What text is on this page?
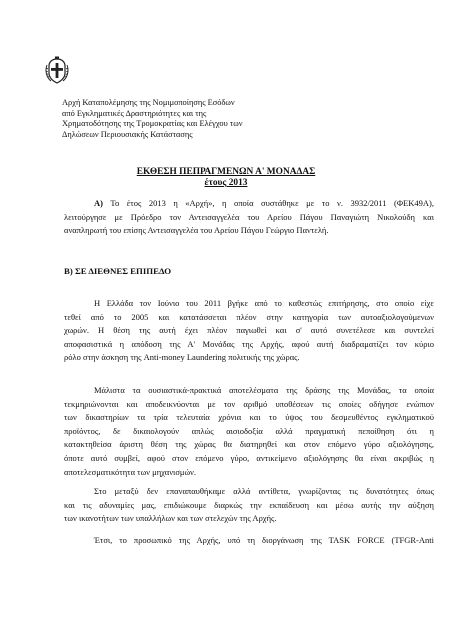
Αρχή Καταπολέμησης της Νομιμοποίησης Εσόδων
από Εγκληματικές Δραστηριότητες και της
Χρηματοδότησης της Τρομοκρατίας και Ελέγχου των
Δηλώσεων Περιουσιακής Κατάστασης
ΕΚΘΕΣΗ ΠΕΠΡΑΓΜΕΝΩΝ Α' ΜΟΝΑΔΑΣ
έτους 2013
Α) Το έτος 2013 η «Αρχή», η οποία συστάθηκε με το ν. 3932/2011 (ΦΕΚ49Α),
λειτούργησε με Πρόεδρο τον Αντεισαγγελέα του Αρείου Πάγου Παναγιώτη Νικολούδη και
αναπληρωτή του επίσης Αντεισαγγελέα του Αρείου Πάγου Γεώργιο Παντελή.
Β) ΣΕ ΔΙΕΘΝΕΣ ΕΠΙΠΕΔΟ
Η Ελλάδα τον Ιούνιο του 2011 βγήκε από το καθεστώς επιτήρησης, στο οποίο είχε
τεθεί από το 2005 και κατατάσσεται πλέον στην κατηγορία των αυτοαξιολογούμενων
χωρών. Η θέση της αυτή έχει πλέον παγιωθεί και σ' αυτό συνετέλεσε και συντελεί
αποφασιστικά η απόδοση της Α' Μονάδας της Αρχής, αφού αυτή διαδραματίζει τον κύριο
ρόλο στην άσκηση της Anti-money Laundering πολιτικής της χώρας.
Μάλιστα τα ουσιαστικά-πρακτικά αποτελέσματα της δράσης της Μονάδας, τα οποία
τεκμηριώνονται και αποδεικνύονται με τον αριθμό υποθέσεων τις οποίες οδήγησε ενώπιον
των δικαστηρίων τα τρία τελευταία χρόνια και το ύψος του δεσμευθέντος εγκληματικού
προϊόντος, δε δικαιολογούν απλώς αισιοδοξία αλλά πραγματική πεποίθηση ότι η
κατακτηθείσα άριστη θέση της χώρας θα διατηρηθεί και στον επόμενο γύρο αξιολόγησης,
όποτε αυτό συμβεί, αφού στον επόμενο γύρο, αντικείμενο αξιολόγησης θα είναι ακριβώς η
αποτελεσματικότητα των μηχανισμών.
Στο μεταξύ δεν επαναπαυθήκαμε αλλά αντίθετα, γνωρίζοντας τις δυνατότητες όπως
και τις αδυναμίες μας, επιδιώκουμε διαρκώς την εκπαίδευση και μέσω αυτής την αύξηση
των ικανοτήτων των υπαλλήλων και των στελεχών της Αρχής.
Έτσι, το προσωπικό της Αρχής, υπό τη διοργάνωση της TASK FORCE (TFGR-Anti
